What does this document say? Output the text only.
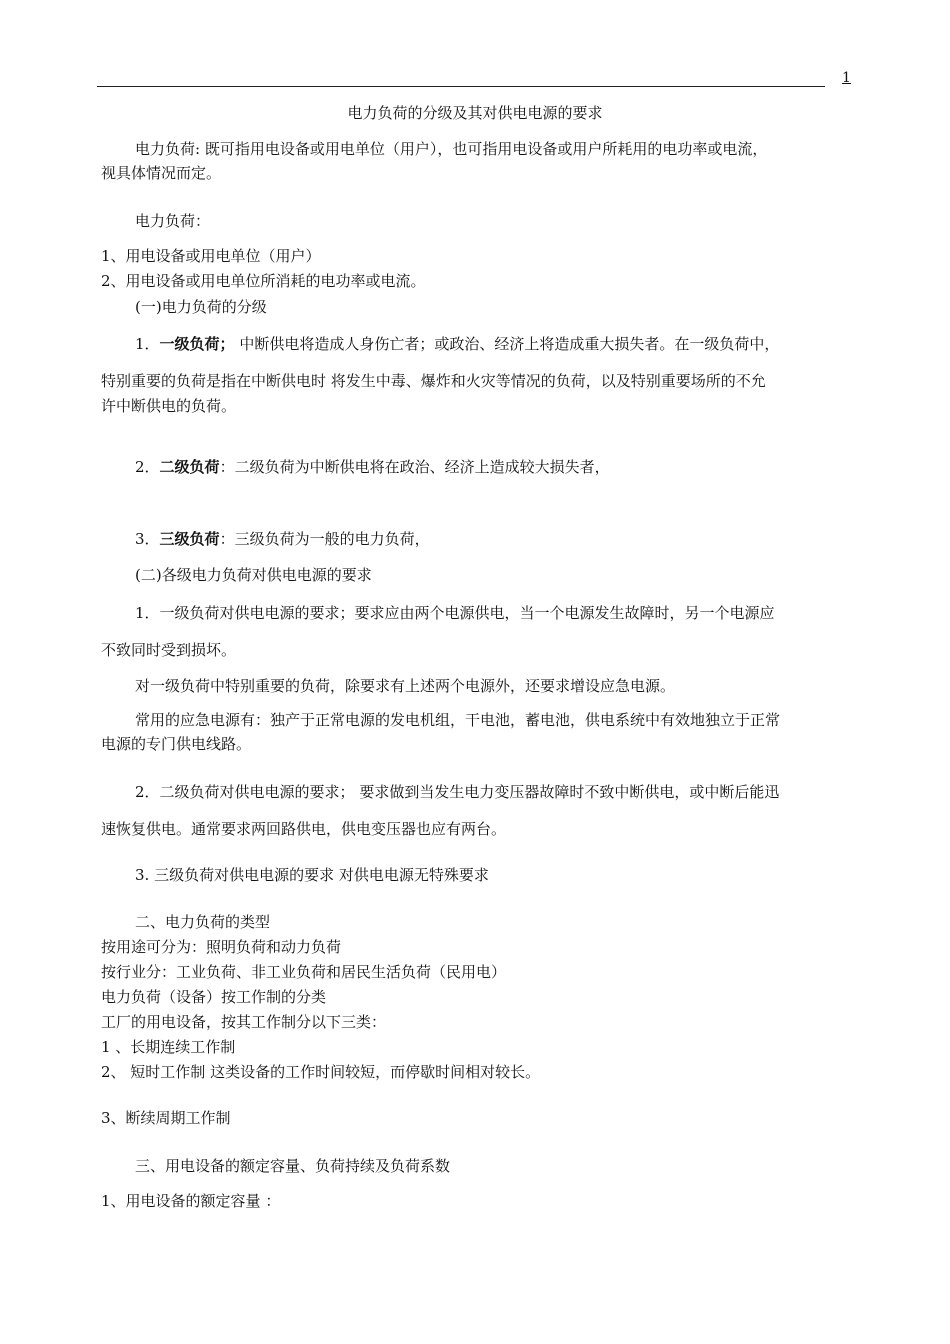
1
电力负荷的分级及其对供电电源的要求
电力负荷: 既可指用电设备或用电单位（用户），也可指用电设备或用户所耗用的电功率或电流，
视具体情况而定。
电力负荷：
1、用电设备或用电单位（用户）
2、用电设备或用电单位所消耗的电功率或电流。
(一)电力负荷的分级
1．一级负荷； 中断供电将造成人身伤亡者；或政治、经济上将造成重大损失者。在一级负荷中，
特别重要的负荷是指在中断供电时 将发生中毒、爆炸和火灾等情况的负荷，以及特别重要场所的不允
许中断供电的负荷。
2．二级负荷：二级负荷为中断供电将在政治、经济上造成较大损失者，
3．三级负荷：三级负荷为一般的电力负荷，
(二)各级电力负荷对供电电源的要求
1．一级负荷对供电电源的要求；要求应由两个电源供电，当一个电源发生故障时，另一个电源应
不致同时受到损坏。
对一级负荷中特别重要的负荷，除要求有上述两个电源外，还要求增设应急电源。
常用的应急电源有：独产于正常电源的发电机组，干电池，蓄电池，供电系统中有效地独立于正常
电源的专门供电线路。
2．二级负荷对供电电源的要求； 要求做到当发生电力变压器故障时不致中断供电，或中断后能迅
速恢复供电。通常要求两回路供电，供电变压器也应有两台。
3. 三级负荷对供电电源的要求 对供电电源无特殊要求
二、电力负荷的类型
按用途可分为：照明负荷和动力负荷
按行业分：工业负荷、非工业负荷和居民生活负荷（民用电）
电力负荷（设备）按工作制的分类
工厂的用电设备，按其工作制分以下三类：
1 、长期连续工作制
2、 短时工作制 这类设备的工作时间较短，而停歇时间相对较长。
3、断续周期工作制
三、用电设备的额定容量、负荷持续及负荷系数
1、用电设备的额定容量 ：
